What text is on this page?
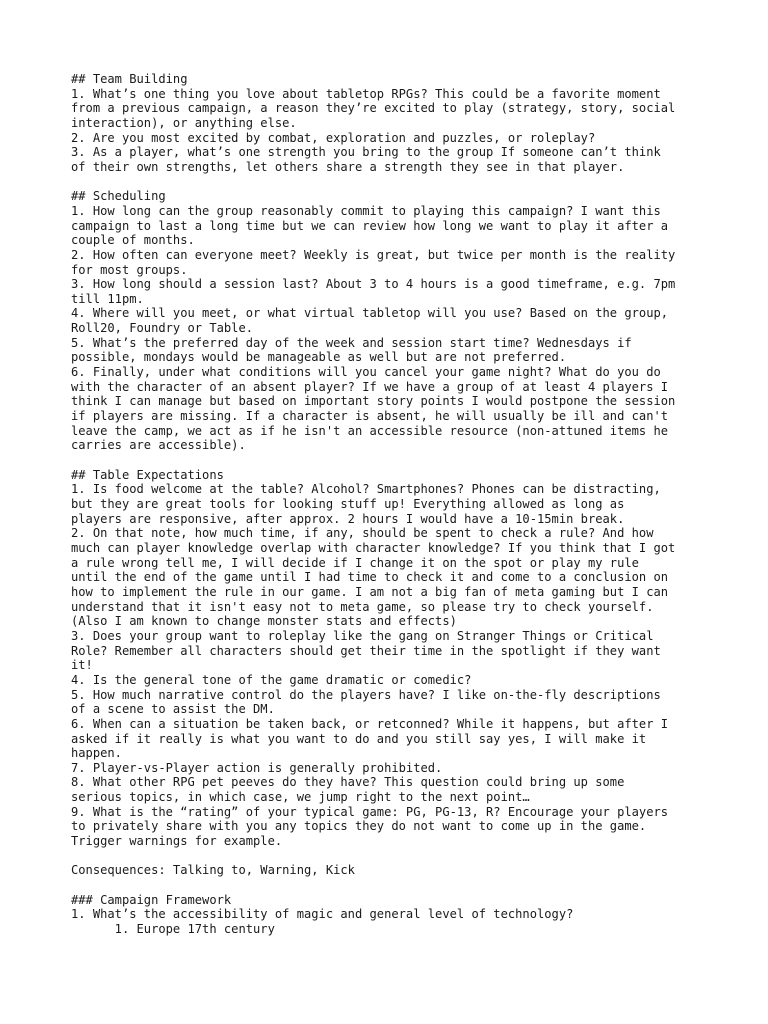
## Team Building
1. What’s one thing you love about tabletop RPGs? This could be a favorite moment
from a previous campaign, a reason they’re excited to play (strategy, story, social
interaction), or anything else.
2. Are you most excited by combat, exploration and puzzles, or roleplay?
3. As a player, what’s one strength you bring to the group If someone can’t think
of their own strengths, let others share a strength they see in that player.
## Scheduling
1. How long can the group reasonably commit to playing this campaign? I want this
campaign to last a long time but we can review how long we want to play it after a
couple of months.
2. How often can everyone meet? Weekly is great, but twice per month is the reality
for most groups.
3. How long should a session last? About 3 to 4 hours is a good timeframe, e.g. 7pm
till 11pm.
4. Where will you meet, or what virtual tabletop will you use? Based on the group,
Roll20, Foundry or Table.
5. What’s the preferred day of the week and session start time? Wednesdays if
possible, mondays would be manageable as well but are not preferred.
6. Finally, under what conditions will you cancel your game night? What do you do
with the character of an absent player? If we have a group of at least 4 players I
think I can manage but based on important story points I would postpone the session
if players are missing. If a character is absent, he will usually be ill and can't
leave the camp, we act as if he isn't an accessible resource (non-attuned items he
carries are accessible).
## Table Expectations
1. Is food welcome at the table? Alcohol? Smartphones? Phones can be distracting,
but they are great tools for looking stuff up! Everything allowed as long as
players are responsive, after approx. 2 hours I would have a 10-15min break.
2. On that note, how much time, if any, should be spent to check a rule? And how
much can player knowledge overlap with character knowledge? If you think that I got
a rule wrong tell me, I will decide if I change it on the spot or play my rule
until the end of the game until I had time to check it and come to a conclusion on
how to implement the rule in our game. I am not a big fan of meta gaming but I can
understand that it isn't easy not to meta game, so please try to check yourself.
(Also I am known to change monster stats and effects)
3. Does your group want to roleplay like the gang on Stranger Things or Critical
Role? Remember all characters should get their time in the spotlight if they want
it!
4. Is the general tone of the game dramatic or comedic?
5. How much narrative control do the players have? I like on-the-fly descriptions
of a scene to assist the DM.
6. When can a situation be taken back, or retconned? While it happens, but after I
asked if it really is what you want to do and you still say yes, I will make it
happen.
7. Player-vs-Player action is generally prohibited.
8. What other RPG pet peeves do they have? This question could bring up some
serious topics, in which case, we jump right to the next point…
9. What is the “rating” of your typical game: PG, PG-13, R? Encourage your players
to privately share with you any topics they do not want to come up in the game.
Trigger warnings for example.
Consequences: Talking to, Warning, Kick
### Campaign Framework
1. What’s the accessibility of magic and general level of technology?
1. Europe 17th century
